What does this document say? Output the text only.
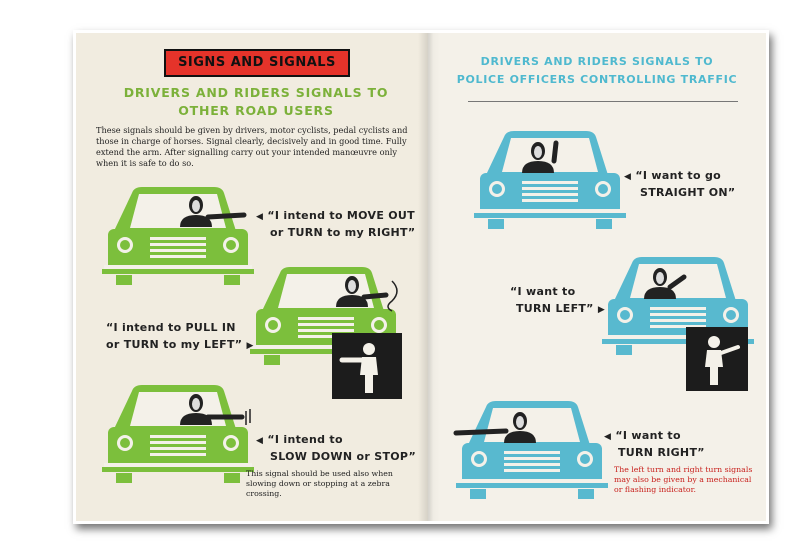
SIGNS AND SIGNALS
DRIVERS AND RIDERS SIGNALS TO
OTHER ROAD USERS
These signals should be given by drivers, motor cyclists, pedal cyclists and those in charge of horses. Signal clearly, decisively and in good time. Fully extend the arm. After signalling carry out your intended manœuvre only when it is safe to do so.
◀ “I intend to MOVE OUT
or TURN to my RIGHT”
“I intend to PULL IN
or TURN to my LEFT” ▶
◀ “I intend to
SLOW DOWN or STOP”
This signal should be used also when slowing down or stopping at a zebra crossing.
DRIVERS AND RIDERS SIGNALS TO
POLICE OFFICERS CONTROLLING TRAFFIC
◀ “I want to go
STRAIGHT ON”
“I want to
TURN LEFT” ▶
◀ “I want to
TURN RIGHT”
The left turn and right turn signals may also be given by a mechanical or flashing indicator.
